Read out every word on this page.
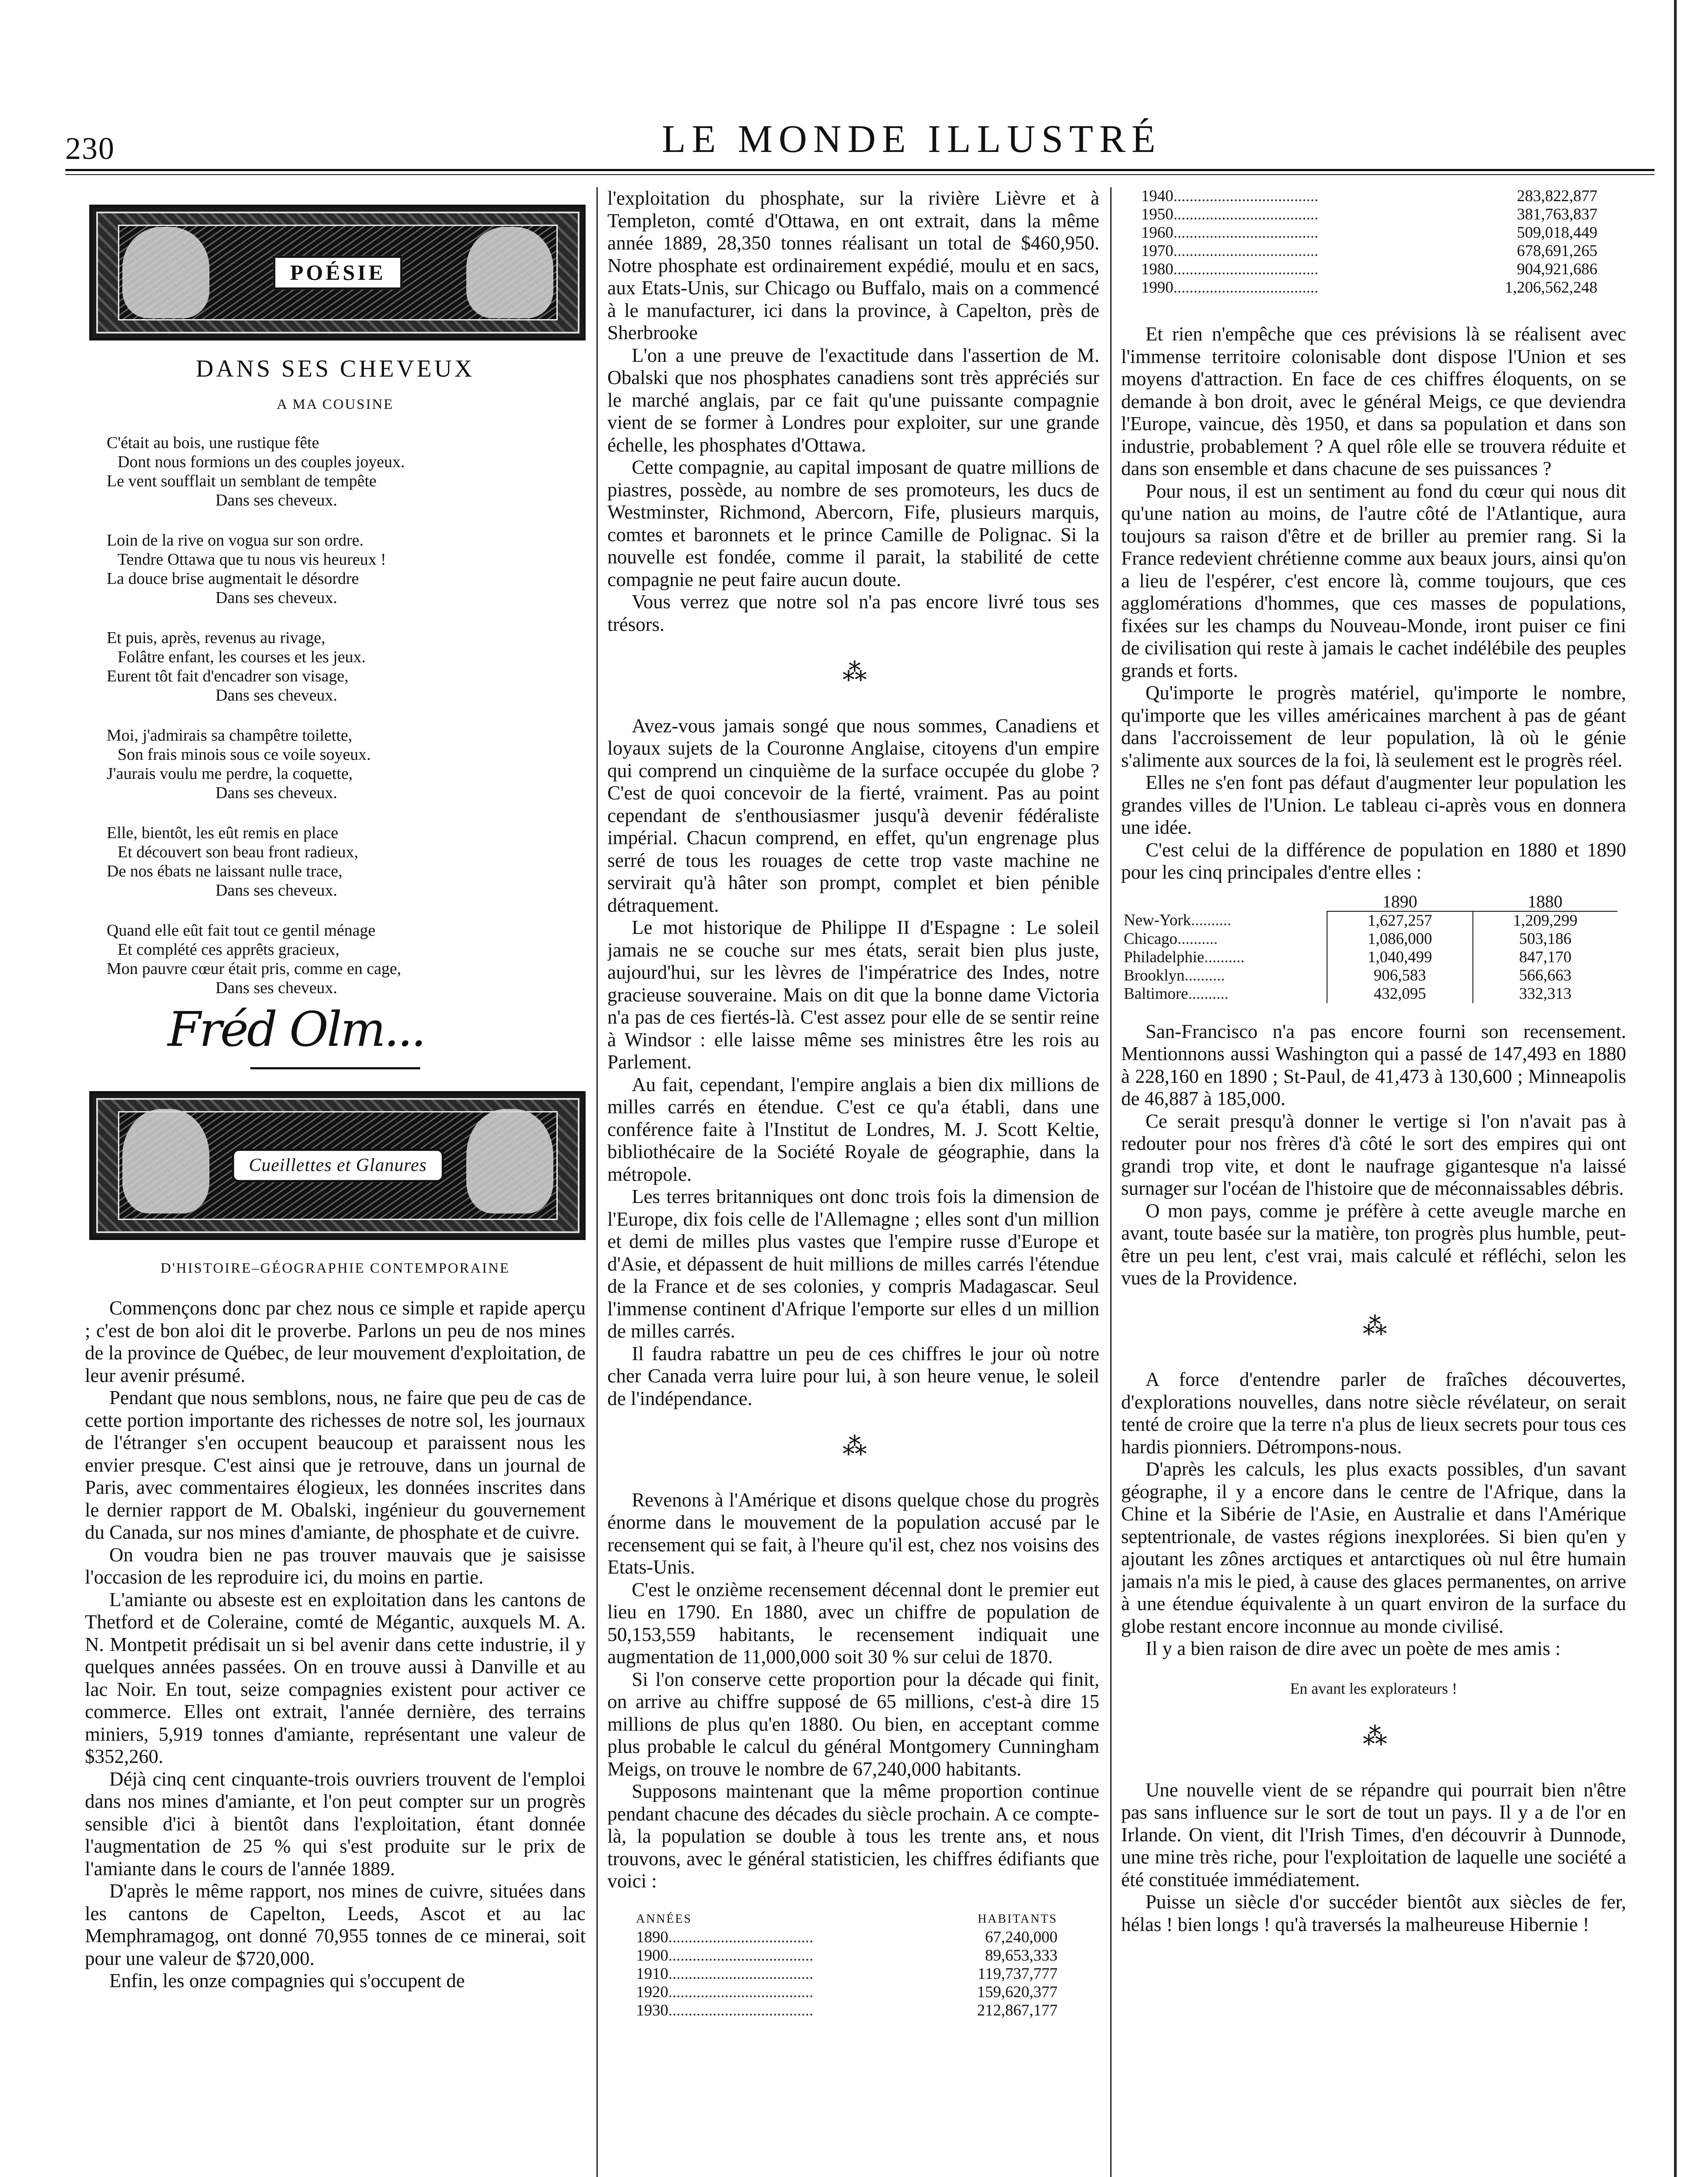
230	LE MONDE ILLUSTRÉ
POÉSIE
DANS SES CHEVEUX
A MA COUSINE
C'était au bois, une rustique fête
Dont nous formions un des couples joyeux.
Le vent soufflait un semblant de tempête
Dans ses cheveux.
Loin de la rive on vogua sur son ordre.
Tendre Ottawa que tu nous vis heureux !
La douce brise augmentait le désordre
Dans ses cheveux.
Et puis, après, revenus au rivage,
Folâtre enfant, les courses et les jeux.
Eurent tôt fait d'encadrer son visage,
Dans ses cheveux.
Moi, j'admirais sa champêtre toilette,
Son frais minois sous ce voile soyeux.
J'aurais voulu me perdre, la coquette,
Dans ses cheveux.
Elle, bientôt, les eût remis en place
Et découvert son beau front radieux,
De nos ébats ne laissant nulle trace,
Dans ses cheveux.
Quand elle eût fait tout ce gentil ménage
Et complété ces apprêts gracieux,
Mon pauvre cœur était pris, comme en cage,
Dans ses cheveux.
Fréd Olm...
Cueillettes et Glanures
D'HISTOIRE–GÉOGRAPHIE CONTEMPORAINE

Commençons donc par chez nous ce simple et rapide aperçu ; c'est de bon aloi dit le proverbe. Parlons un peu de nos mines de la province de Québec, de leur mouvement d'exploitation, de leur avenir présumé.

Pendant que nous semblons, nous, ne faire que peu de cas de cette portion importante des richesses de notre sol, les journaux de l'étranger s'en occupent beaucoup et paraissent nous les envier presque. C'est ainsi que je retrouve, dans un journal de Paris, avec commentaires élogieux, les données inscrites dans le dernier rapport de M. Obalski, ingénieur du gouvernement du Canada, sur nos mines d'amiante, de phosphate et de cuivre.

On voudra bien ne pas trouver mauvais que je saisisse l'occasion de les reproduire ici, du moins en partie.

L'amiante ou abseste est en exploitation dans les cantons de Thetford et de Coleraine, comté de Mégantic, auxquels M. A. N. Montpetit prédisait un si bel avenir dans cette industrie, il y quelques années passées. On en trouve aussi à Danville et au lac Noir. En tout, seize compagnies existent pour activer ce commerce. Elles ont extrait, l'année dernière, des terrains miniers, 5,919 tonnes d'amiante, représentant une valeur de $352,260.

Déjà cinq cent cinquante-trois ouvriers trouvent de l'emploi dans nos mines d'amiante, et l'on peut compter sur un progrès sensible d'ici à bientôt dans l'exploitation, étant donnée l'augmentation de 25 % qui s'est produite sur le prix de l'amiante dans le cours de l'année 1889.

D'après le même rapport, nos mines de cuivre, situées dans les cantons de Capelton, Leeds, Ascot et au lac Memphramagog, ont donné 70,955 tonnes de ce minerai, soit pour une valeur de $720,000.

Enfin, les onze compagnies qui s'occupent de

l'exploitation du phosphate, sur la rivière Lièvre et à Templeton, comté d'Ottawa, en ont extrait, dans la même année 1889, 28,350 tonnes réalisant un total de $460,950. Notre phosphate est ordinairement expédié, moulu et en sacs, aux Etats-Unis, sur Chicago ou Buffalo, mais on a commencé à le manufacturer, ici dans la province, à Capelton, près de Sherbrooke

L'on a une preuve de l'exactitude dans l'assertion de M. Obalski que nos phosphates canadiens sont très appréciés sur le marché anglais, par ce fait qu'une puissante compagnie vient de se former à Londres pour exploiter, sur une grande échelle, les phosphates d'Ottawa.

Cette compagnie, au capital imposant de quatre millions de piastres, possède, au nombre de ses promoteurs, les ducs de Westminster, Richmond, Abercorn, Fife, plusieurs marquis, comtes et baronnets et le prince Camille de Polignac. Si la nouvelle est fondée, comme il parait, la stabilité de cette compagnie ne peut faire aucun doute.

Vous verrez que notre sol n'a pas encore livré tous ses trésors.

⁂

Avez-vous jamais songé que nous sommes, Canadiens et loyaux sujets de la Couronne Anglaise, citoyens d'un empire qui comprend un cinquième de la surface occupée du globe ? C'est de quoi concevoir de la fierté, vraiment. Pas au point cependant de s'enthousiasmer jusqu'à devenir fédéraliste impérial. Chacun comprend, en effet, qu'un engrenage plus serré de tous les rouages de cette trop vaste machine ne servirait qu'à hâter son prompt, complet et bien pénible détraquement.

Le mot historique de Philippe II d'Espagne : Le soleil jamais ne se couche sur mes états, serait bien plus juste, aujourd'hui, sur les lèvres de l'impératrice des Indes, notre gracieuse souveraine. Mais on dit que la bonne dame Victoria n'a pas de ces fiertés-là. C'est assez pour elle de se sentir reine à Windsor : elle laisse même ses ministres être les rois au Parlement.

Au fait, cependant, l'empire anglais a bien dix millions de milles carrés en étendue. C'est ce qu'a établi, dans une conférence faite à l'Institut de Londres, M. J. Scott Keltie, bibliothécaire de la Société Royale de géographie, dans la métropole.

Les terres britanniques ont donc trois fois la dimension de l'Europe, dix fois celle de l'Allemagne ; elles sont d'un million et demi de milles plus vastes que l'empire russe d'Europe et d'Asie, et dépassent de huit millions de milles carrés l'étendue de la France et de ses colonies, y compris Madagascar. Seul l'immense continent d'Afrique l'emporte sur elles d un million de milles carrés.

Il faudra rabattre un peu de ces chiffres le jour où notre cher Canada verra luire pour lui, à son heure venue, le soleil de l'indépendance.

⁂

Revenons à l'Amérique et disons quelque chose du progrès énorme dans le mouvement de la population accusé par le recensement qui se fait, à l'heure qu'il est, chez nos voisins des Etats-Unis.

C'est le onzième recensement décennal dont le premier eut lieu en 1790. En 1880, avec un chiffre de population de 50,153,559 habitants, le recensement indiquait une augmentation de 11,000,000 soit 30 % sur celui de 1870.

Si l'on conserve cette proportion pour la décade qui finit, on arrive au chiffre supposé de 65 millions, c'est-à dire 15 millions de plus qu'en 1880. Ou bien, en acceptant comme plus probable le calcul du général Montgomery Cunningham Meigs, on trouve le nombre de 67,240,000 habitants.

Supposons maintenant que la même proportion continue pendant chacune des décades du siècle prochain. A ce compte-là, la population se double à tous les trente ans, et nous trouvons, avec le général statisticien, les chiffres édifiants que voici :

ANNÉES	HABITANTS
1890....................................	67,240,000
1900....................................	89,653,333
1910....................................	119,737,777
1920....................................	159,620,377
1930....................................	212,867,177
1940....................................	283,822,877
1950....................................	381,763,837
1960....................................	509,018,449
1970....................................	678,691,265
1980....................................	904,921,686
1990....................................	1,206,562,248

Et rien n'empêche que ces prévisions là se réalisent avec l'immense territoire colonisable dont dispose l'Union et ses moyens d'attraction. En face de ces chiffres éloquents, on se demande à bon droit, avec le général Meigs, ce que deviendra l'Europe, vaincue, dès 1950, et dans sa population et dans son industrie, probablement ? A quel rôle elle se trouvera réduite et dans son ensemble et dans chacune de ses puissances ?

Pour nous, il est un sentiment au fond du cœur qui nous dit qu'une nation au moins, de l'autre côté de l'Atlantique, aura toujours sa raison d'être et de briller au premier rang. Si la France redevient chrétienne comme aux beaux jours, ainsi qu'on a lieu de l'espérer, c'est encore là, comme toujours, que ces agglomérations d'hommes, que ces masses de populations, fixées sur les champs du Nouveau-Monde, iront puiser ce fini de civilisation qui reste à jamais le cachet indélébile des peuples grands et forts.

Qu'importe le progrès matériel, qu'importe le nombre, qu'importe que les villes américaines marchent à pas de géant dans l'accroissement de leur population, là où le génie s'alimente aux sources de la foi, là seulement est le progrès réel.

Elles ne s'en font pas défaut d'augmenter leur population les grandes villes de l'Union. Le tableau ci-après vous en donnera une idée.

C'est celui de la différence de population en 1880 et 1890 pour les cinq principales d'entre elles :

	1890	1880
New-York..........	1,627,257	1,209,299
Chicago..........	1,086,000	503,186
Philadelphie..........	1,040,499	847,170
Brooklyn..........	906,583	566,663
Baltimore..........	432,095	332,313

San-Francisco n'a pas encore fourni son recensement. Mentionnons aussi Washington qui a passé de 147,493 en 1880 à 228,160 en 1890 ; St-Paul, de 41,473 à 130,600 ; Minneapolis de 46,887 à 185,000.

Ce serait presqu'à donner le vertige si l'on n'avait pas à redouter pour nos frères d'à côté le sort des empires qui ont grandi trop vite, et dont le naufrage gigantesque n'a laissé surnager sur l'océan de l'histoire que de méconnaissables débris.

O mon pays, comme je préfère à cette aveugle marche en avant, toute basée sur la matière, ton progrès plus humble, peut-être un peu lent, c'est vrai, mais calculé et réfléchi, selon les vues de la Providence.

⁂

A force d'entendre parler de fraîches découvertes, d'explorations nouvelles, dans notre siècle révélateur, on serait tenté de croire que la terre n'a plus de lieux secrets pour tous ces hardis pionniers. Détrompons-nous.

D'après les calculs, les plus exacts possibles, d'un savant géographe, il y a encore dans le centre de l'Afrique, dans la Chine et la Sibérie de l'Asie, en Australie et dans l'Amérique septentrionale, de vastes régions inexplorées. Si bien qu'en y ajoutant les zônes arctiques et antarctiques où nul être humain jamais n'a mis le pied, à cause des glaces permanentes, on arrive à une étendue équivalente à un quart environ de la surface du globe restant encore inconnue au monde civilisé.

Il y a bien raison de dire avec un poète de mes amis :

En avant les explorateurs !
⁂

Une nouvelle vient de se répandre qui pourrait bien n'être pas sans influence sur le sort de tout un pays. Il y a de l'or en Irlande. On vient, dit l'Irish Times, d'en découvrir à Dunnode, une mine très riche, pour l'exploitation de laquelle une société a été constituée immédiatement.

Puisse un siècle d'or succéder bientôt aux siècles de fer, hélas ! bien longs ! qu'à traversés la malheureuse Hibernie !
